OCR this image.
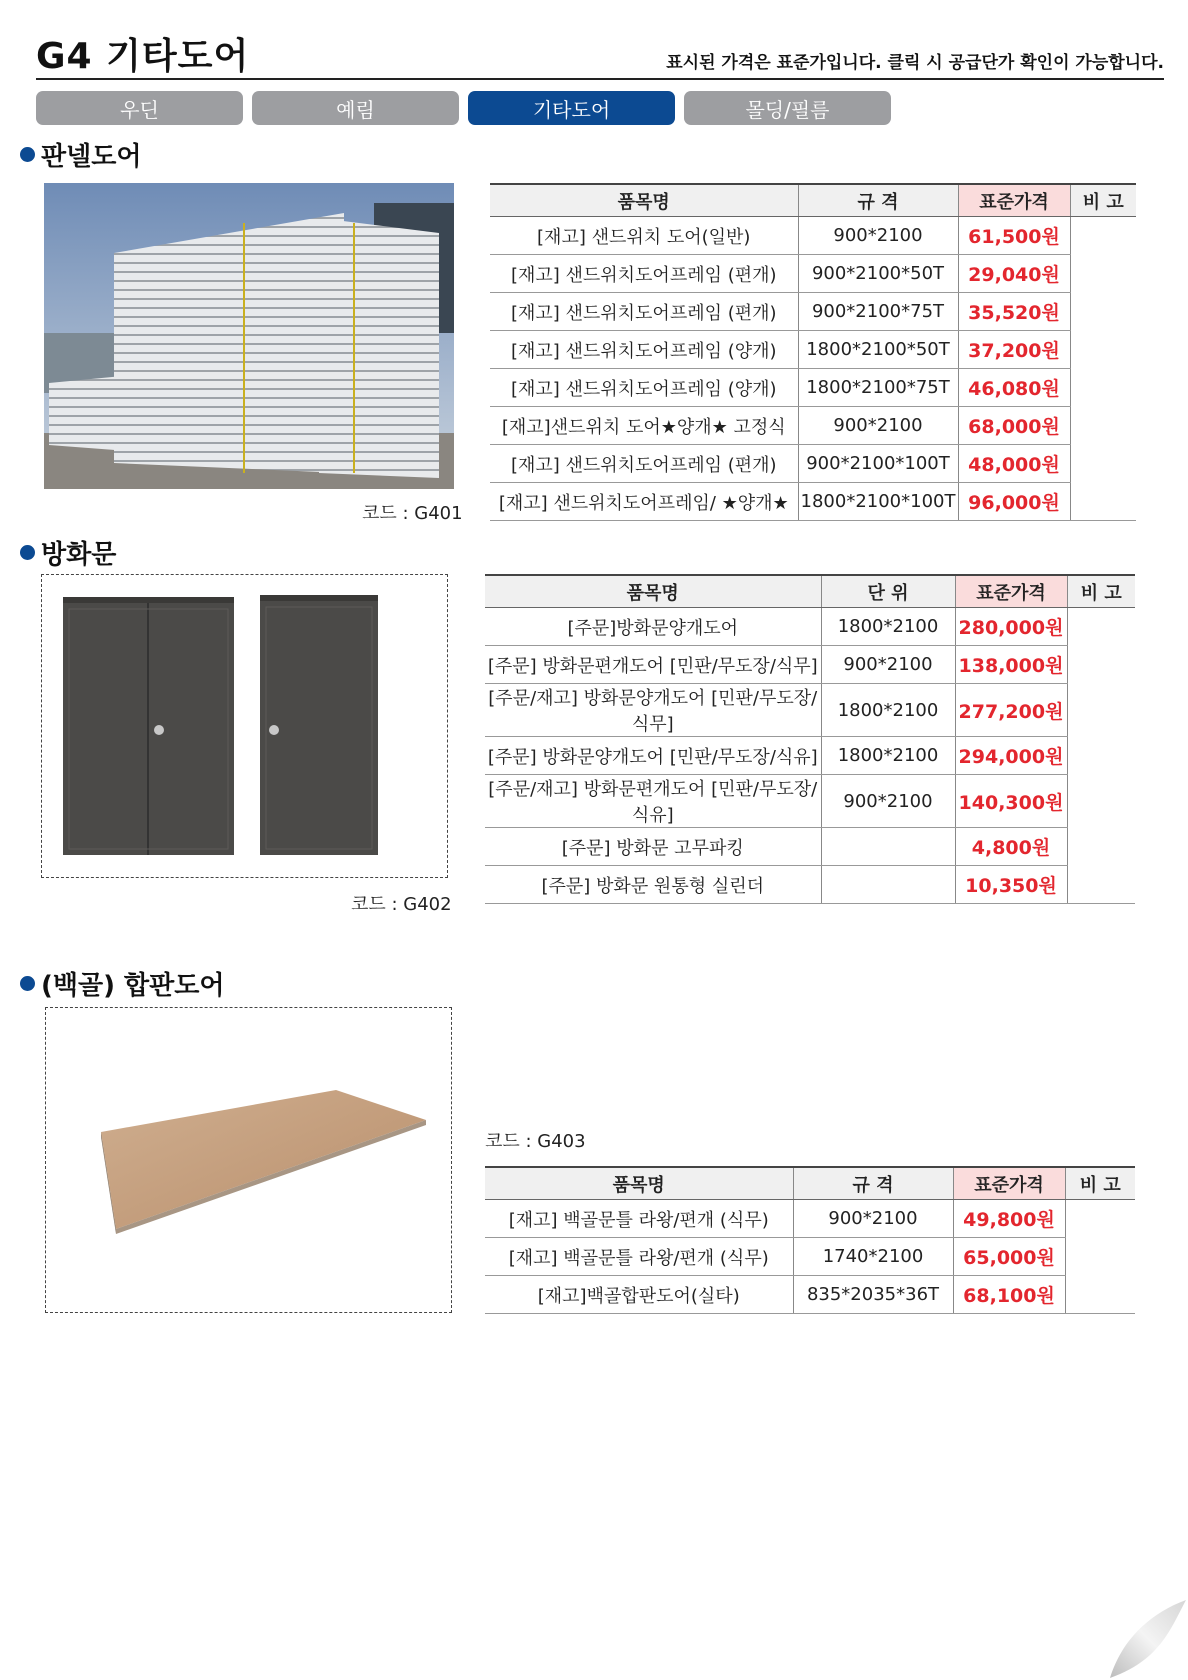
G4 기타도어	표시된 가격은 표준가입니다. 클릭 시 공급단가 확인이 가능합니다.
우딘	예림	기타도어	몰딩/필름
판넬도어
코드 : G401
품목명	규 격	표준가격	비 고
[재고] 샌드위치 도어(일반)	900*2100	61,500원	
[재고] 샌드위치도어프레임 (편개)	900*2100*50T	29,040원	
[재고] 샌드위치도어프레임 (편개)	900*2100*75T	35,520원	
[재고] 샌드위치도어프레임 (양개)	1800*2100*50T	37,200원	
[재고] 샌드위치도어프레임 (양개)	1800*2100*75T	46,080원	
[재고]샌드위치 도어★양개★ 고정식	900*2100	68,000원	
[재고] 샌드위치도어프레임 (편개)	900*2100*100T	48,000원	
[재고] 샌드위치도어프레임/ ★양개★	1800*2100*100T	96,000원	
방화문
코드 : G402
품목명	단 위	표준가격	비 고
[주문]방화문양개도어	1800*2100	280,000원	
[주문] 방화문편개도어 [민판/무도장/식무]	900*2100	138,000원	
[주문/재고] 방화문양개도어 [민판/무도장/식무]	1800*2100	277,200원	
[주문] 방화문양개도어 [민판/무도장/식유]	1800*2100	294,000원	
[주문/재고] 방화문편개도어 [민판/무도장/식유]	900*2100	140,300원	
[주문] 방화문 고무파킹		4,800원	
[주문] 방화문 원통형 실린더		10,350원	
(백골) 합판도어
코드 : G403
품목명	규 격	표준가격	비 고
[재고] 백골문틀 라왕/편개 (식무)	900*2100	49,800원	
[재고] 백골문틀 라왕/편개 (식무)	1740*2100	65,000원	
[재고]백골합판도어(실타)	835*2035*36T	68,100원	
